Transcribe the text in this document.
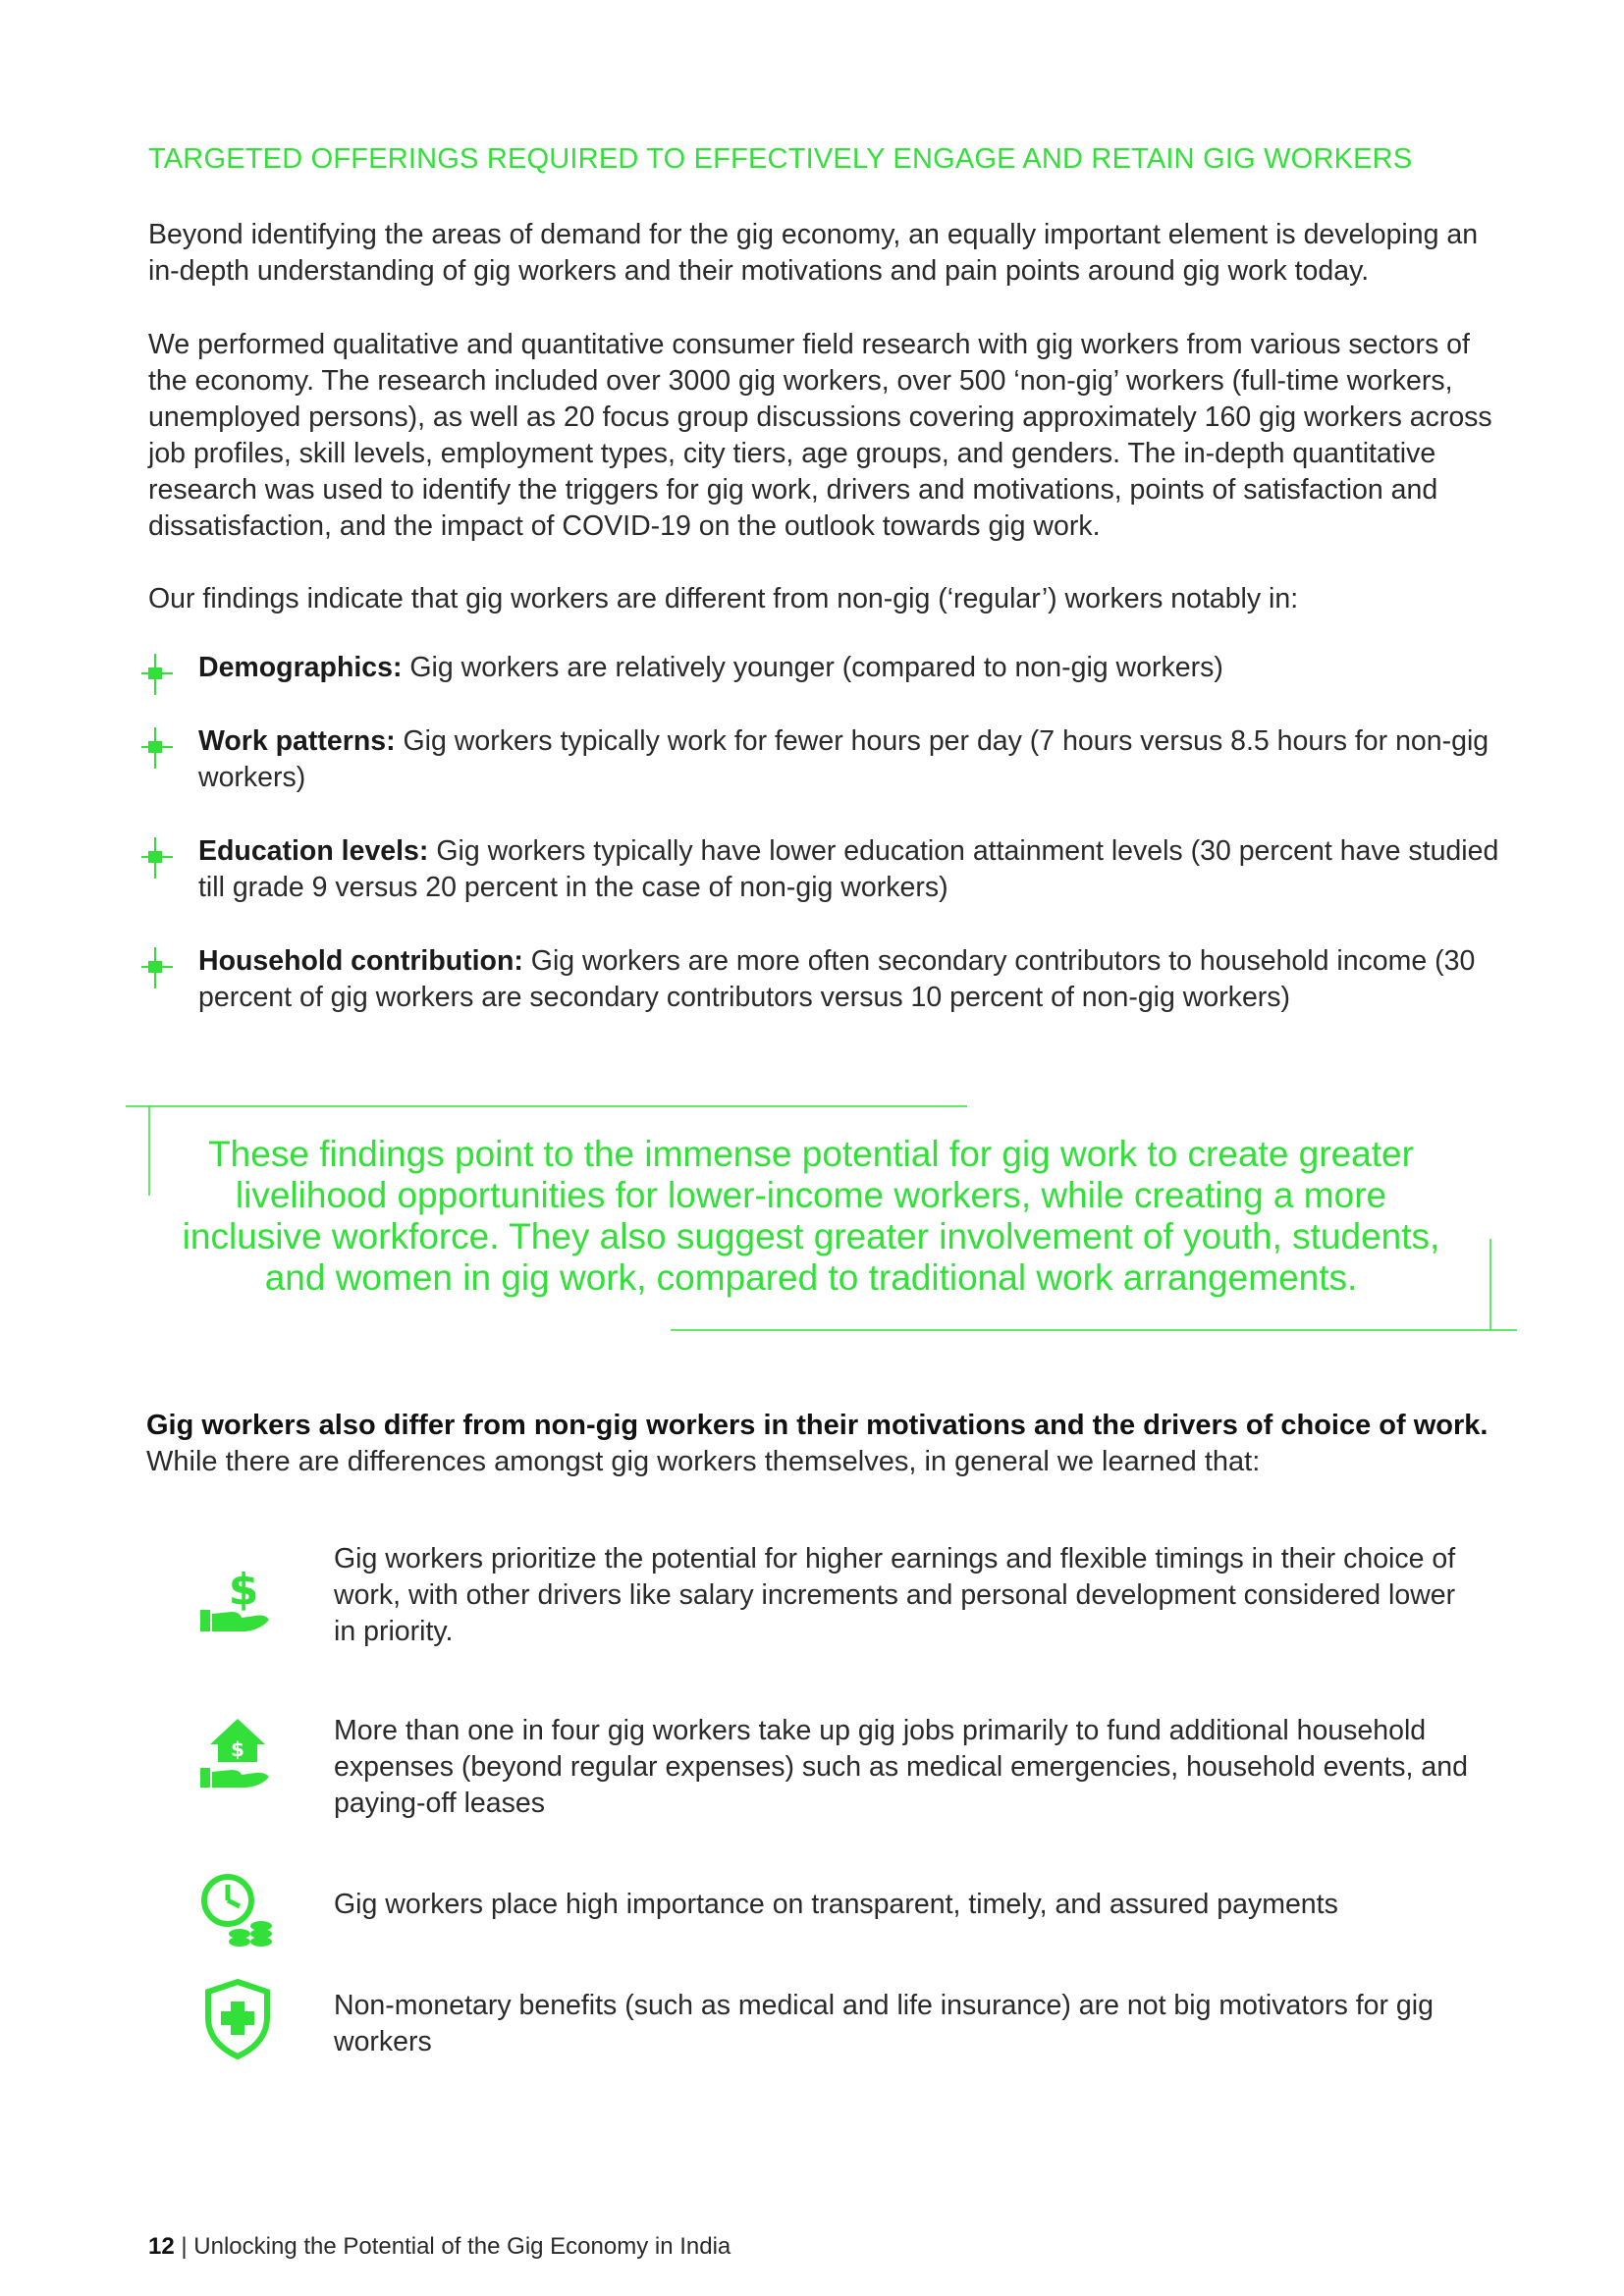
TARGETED OFFERINGS REQUIRED TO EFFECTIVELY ENGAGE AND RETAIN GIG WORKERS
Beyond identifying the areas of demand for the gig economy, an equally important element is developing an in-depth understanding of gig workers and their motivations and pain points around gig work today.
We performed qualitative and quantitative consumer field research with gig workers from various sectors of the economy. The research included over 3000 gig workers, over 500 ‘non-gig’ workers (full-time workers, unemployed persons), as well as 20 focus group discussions covering approximately 160 gig workers across job profiles, skill levels, employment types, city tiers, age groups, and genders. The in-depth quantitative research was used to identify the triggers for gig work, drivers and motivations, points of satisfaction and dissatisfaction, and the impact of COVID-19 on the outlook towards gig work.
Our findings indicate that gig workers are different from non-gig (‘regular’) workers notably in:
Demographics: Gig workers are relatively younger (compared to non-gig workers)
Work patterns: Gig workers typically work for fewer hours per day (7 hours versus 8.5 hours for non-gig workers)
Education levels: Gig workers typically have lower education attainment levels (30 percent have studied till grade 9 versus 20 percent in the case of non-gig workers)
Household contribution: Gig workers are more often secondary contributors to household income (30 percent of gig workers are secondary contributors versus 10 percent of non-gig workers)
These findings point to the immense potential for gig work to create greater livelihood opportunities for lower-income workers, while creating a more inclusive workforce. They also suggest greater involvement of youth, students, and women in gig work, compared to traditional work arrangements.
Gig workers also differ from non-gig workers in their motivations and the drivers of choice of work. While there are differences amongst gig workers themselves, in general we learned that:
$
Gig workers prioritize the potential for higher earnings and flexible timings in their choice of work, with other drivers like salary increments and personal development considered lower in priority.
$
More than one in four gig workers take up gig jobs primarily to fund additional household expenses (beyond regular expenses) such as medical emergencies, household events, and paying-off leases
Gig workers place high importance on transparent, timely, and assured payments
Non-monetary benefits (such as medical and life insurance) are not big motivators for gig workers
12 | Unlocking the Potential of the Gig Economy in India
